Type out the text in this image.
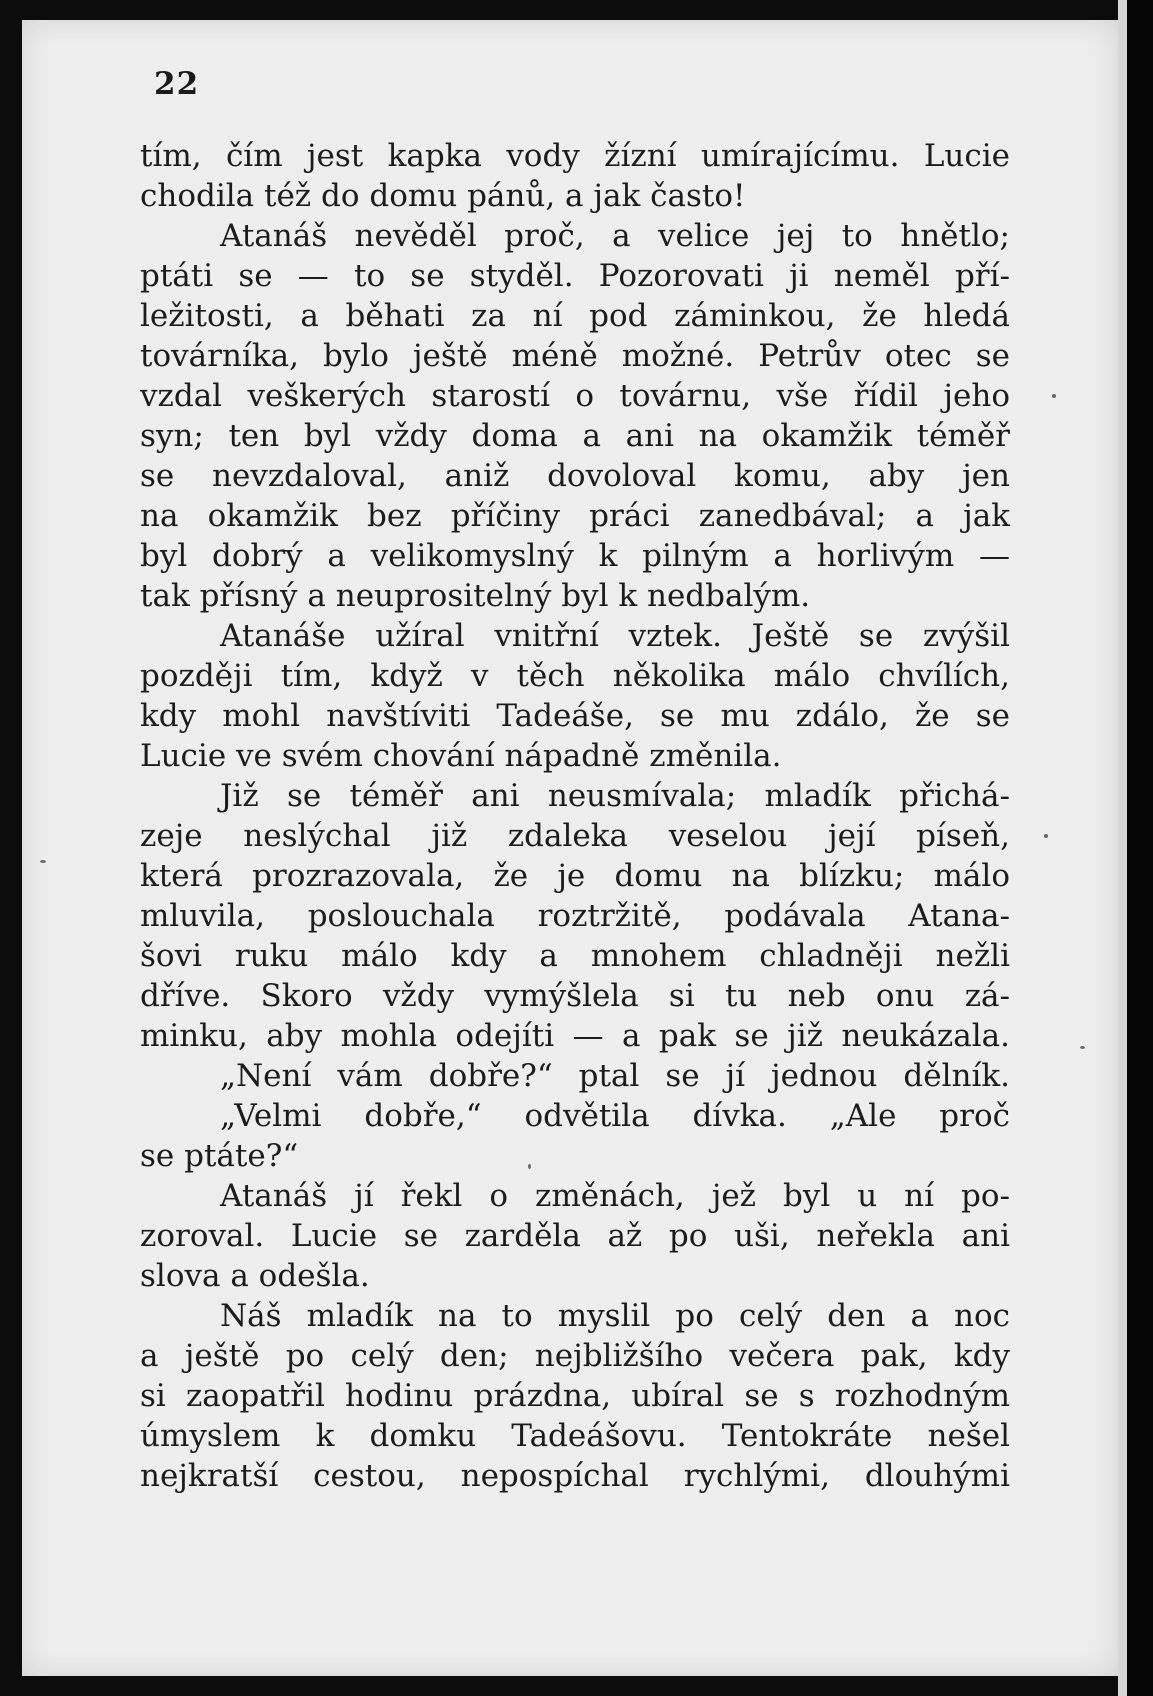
22
tím, čím jest kapka vody žízní umírajícímu. Lucie
chodila též do domu pánů, a jak často!
Atanáš nevěděl proč, a velice jej to hnětlo;
ptáti se — to se styděl. Pozorovati ji neměl pří-
ležitosti, a běhati za ní pod záminkou, že hledá
továrníka, bylo ještě méně možné. Petrův otec se
vzdal veškerých starostí o továrnu, vše řídil jeho
syn; ten byl vždy doma a ani na okamžik téměř
se nevzdaloval, aniž dovoloval komu, aby jen
na okamžik bez příčiny práci zanedbával; a jak
byl dobrý a velikomyslný k pilným a horlivým —
tak přísný a neuprositelný byl k nedbalým.
Atanáše užíral vnitřní vztek. Ještě se zvýšil
později tím, když v těch několika málo chvílích,
kdy mohl navštíviti Tadeáše, se mu zdálo, že se
Lucie ve svém chování nápadně změnila.
Již se téměř ani neusmívala; mladík přichá-
zeje neslýchal již zdaleka veselou její píseň,
která prozrazovala, že je domu na blízku; málo
mluvila, poslouchala roztržitě, podávala Atana-
šovi ruku málo kdy a mnohem chladněji nežli
dříve. Skoro vždy vymýšlela si tu neb onu zá-
minku, aby mohla odejíti — a pak se již neukázala.
„Není vám dobře?“ ptal se jí jednou dělník.
„Velmi dobře,“ odvětila dívka. „Ale proč
se ptáte?“
Atanáš jí řekl o změnách, jež byl u ní po-
zoroval. Lucie se zarděla až po uši, neřekla ani
slova a odešla.
Náš mladík na to myslil po celý den a noc
a ještě po celý den; nejbližšího večera pak, kdy
si zaopatřil hodinu prázdna, ubíral se s rozhodným
úmyslem k domku Tadeášovu. Tentokráte nešel
nejkratší cestou, nepospíchal rychlými, dlouhými
